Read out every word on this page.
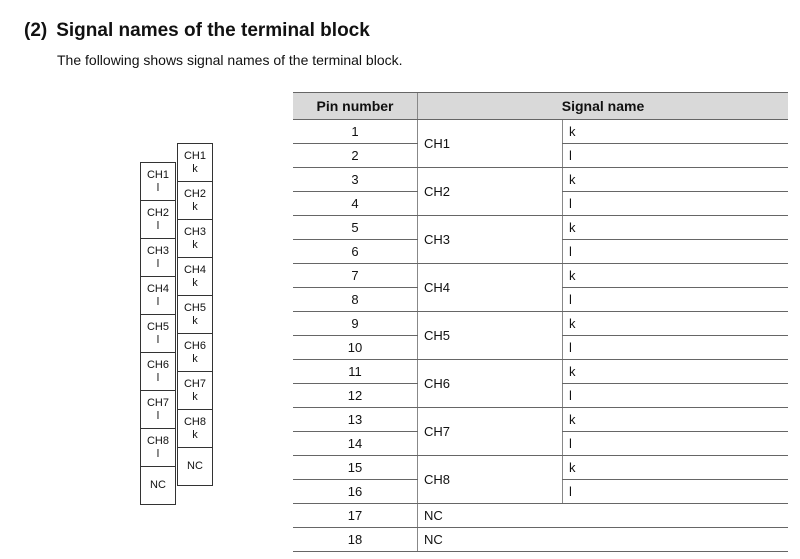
(2) Signal names of the terminal block

The following shows signal names of the terminal block.

CH1
l
CH2
l
CH3
l
CH4
l
CH5
l
CH6
l
CH7
l
CH8
l
NC
CH1
k
CH2
k
CH3
k
CH4
k
CH5
k
CH6
k
CH7
k
CH8
k
NC
Pin number	Signal name	
1	CH1	k
2		l
3	CH2	k
4		l
5	CH3	k
6		l
7	CH4	k
8		l
9	CH5	k
10		l
11	CH6	k
12		l
13	CH7	k
14		l
15	CH8	k
16		l
17	NC	
18	NC	
